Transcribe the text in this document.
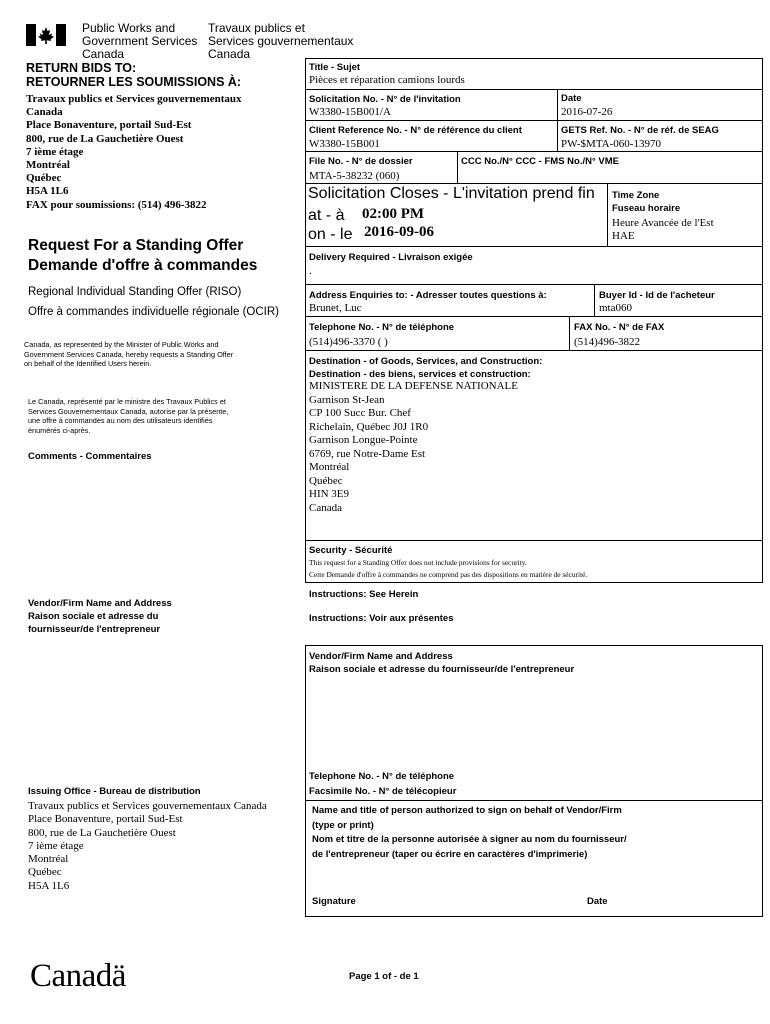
Public Works and
Government Services
Canada
Travaux publics et
Services gouvernementaux
Canada
RETURN BIDS TO:
RETOURNER LES SOUMISSIONS À:
Travaux publics et Services gouvernementaux
Canada
Place Bonaventure, portail Sud-Est
800, rue de La Gauchetière Ouest
7 ième étage
Montréal
Québec
H5A 1L6
FAX pour soumissions: (514) 496-3822
Request For a Standing Offer
Demande d'offre à commandes
Regional Individual Standing Offer (RISO)
Offre à commandes individuelle régionale (OCIR)
Canada, as represented by the Minister of Public Works and
Government Services Canada, hereby requests a Standing Offer
on behalf of the Identified Users herein.
Le Canada, représenté par le ministre des Travaux Publics et
Services Gouvernementaux Canada, autorise par la présente,
une offre à commandes au nom des utilisateurs identifiés
énumérés ci-après.
Comments - Commentaires
Vendor/Firm Name and Address
Raison sociale et adresse du
fournisseur/de l'entrepreneur
Issuing Office - Bureau de distribution
Travaux publics et Services gouvernementaux Canada
Place Bonaventure, portail Sud-Est
800, rue de La Gauchetière Ouest
7 ième étage
Montréal
Québec
H5A 1L6
Title - Sujet
Pièces et réparation camions lourds
Solicitation No. - N° de l'invitation
W3380-15B001/A
Date
2016-07-26
Client Reference No. - N° de référence du client
W3380-15B001
GETS Ref. No. - N° de réf. de SEAG
PW-$MTA-060-13970
File No. - N° de dossier
MTA-5-38232 (060)
CCC No./N° CCC - FMS No./N° VME
Solicitation Closes - L'invitation prend fin
at - à 02:00 PM
on - le 2016-09-06
Time Zone
Fuseau horaire
Heure Avancée de l'Est
HAE
Delivery Required - Livraison exigée
.
Address Enquiries to: - Adresser toutes questions à:
Brunet, Luc
Buyer Id - Id de l'acheteur
mta060
Telephone No. - N° de téléphone
(514)496-3370 ( )
FAX No. - N° de FAX
(514)496-3822
Destination - of Goods, Services, and Construction:
Destination - des biens, services et construction:
MINISTERE DE LA DEFENSE NATIONALE
Garnison St-Jean
CP 100 Succ Bur. Chef
Richelain, Québec J0J 1R0
Garnison Longue-Pointe
6769, rue Notre-Dame Est
Montréal
Québec
HIN 3E9
Canada
Security - Sécurité
This request for a Standing Offer does not include provisions for security.
Cette Demande d'offre à commandes ne comprend pas des dispositions en matière de sécurité.
Instructions: See Herein
Instructions: Voir aux présentes
Vendor/Firm Name and Address
Raison sociale et adresse du fournisseur/de l'entrepreneur
Telephone No. - N° de téléphone
Facsimile No. - N° de télécopieur
Name and title of person authorized to sign on behalf of Vendor/Firm
(type or print)
Nom et titre de la personne autorisée à signer au nom du fournisseur/
de l'entrepreneur (taper ou écrire en caractères d'imprimerie)
Signature	Date
Canadä	Page 1 of - de 1
